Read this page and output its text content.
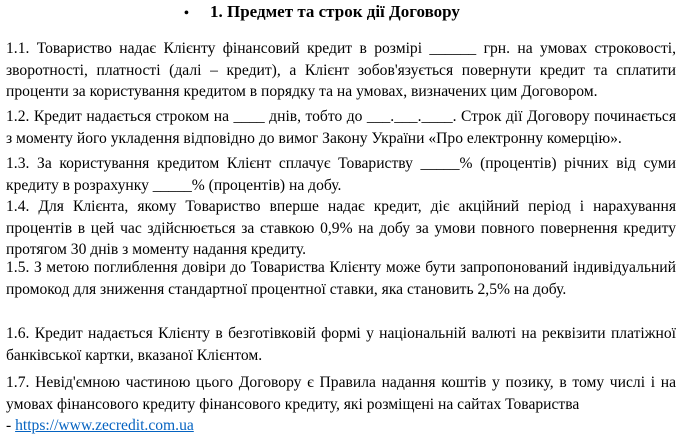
• 1. Предмет та строк дії Договору

1.1. Товариство надає Клієнту фінансовий кредит в розмірі ______ грн. на умовах строковості, зворотності, платності (далі – кредит), а Клієнт зобов'язується повернути кредит та сплатити проценти за користування кредитом в порядку та на умовах, визначених цим Договором.

1.2. Кредит надається строком на ____ днів, тобто до ___.___.____. Строк дії Договору починається з моменту його укладення відповідно до вимог Закону України «Про електронну комерцію».

1.3. За користування кредитом Клієнт сплачує Товариству _____% (процентів) річних від суми кредиту в розрахунку _____% (процентів) на добу.

1.4. Для Клієнта, якому Товариство вперше надає кредит, діє акційний період і нарахування процентів в цей час здійснюється за ставкою 0,9% на добу за умови повного повернення кредиту протягом 30 днів з моменту надання кредиту.

1.5. З метою поглиблення довіри до Товариства Клієнту може бути запропонований індивідуальний промокод для зниження стандартної процентної ставки, яка становить 2,5% на добу.

1.6. Кредит надається Клієнту в безготівковій формі у національній валюті на реквізити платіжної банківської картки, вказаної Клієнтом.

1.7. Невід'ємною частиною цього Договору є Правила надання коштів у позику, в тому числі і на умовах фінансового кредиту фінансового кредиту, які розміщені на сайтах Товариства
- https://www.zecredit.com.ua
